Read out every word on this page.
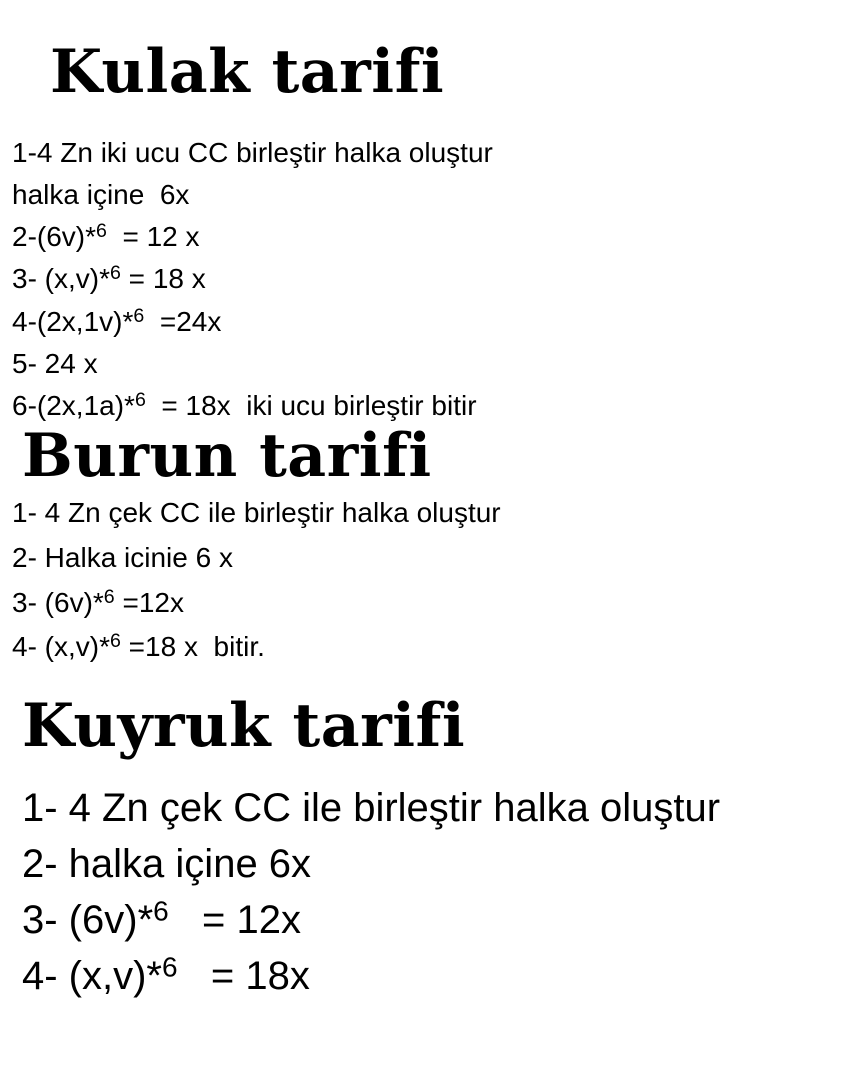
Kulak tarifi

1-4 Zn iki ucu CC birleştir halka oluştur

halka içine  6x

2-(6v)*$^6$  = 12 x

3- (x,v)*$^6$ = 18 x

4-(2x,1v)*$^6$  =24x

5- 24 x

6-(2x,1a)*$^6$  = 18x  iki ucu birleştir bitir

Burun tarifi

1- 4 Zn çek CC ile birleştir halka oluştur

2- Halka icinie 6 x

3- (6v)*$^6$ =12x

4- (x,v)*$^6$ =18 x  bitir.

Kuyruk tarifi

1- 4 Zn çek CC ile birleştir halka oluştur

2- halka içine 6x

3- (6v)*$^6$   = 12x

4- (x,v)*$^6$   = 18x
